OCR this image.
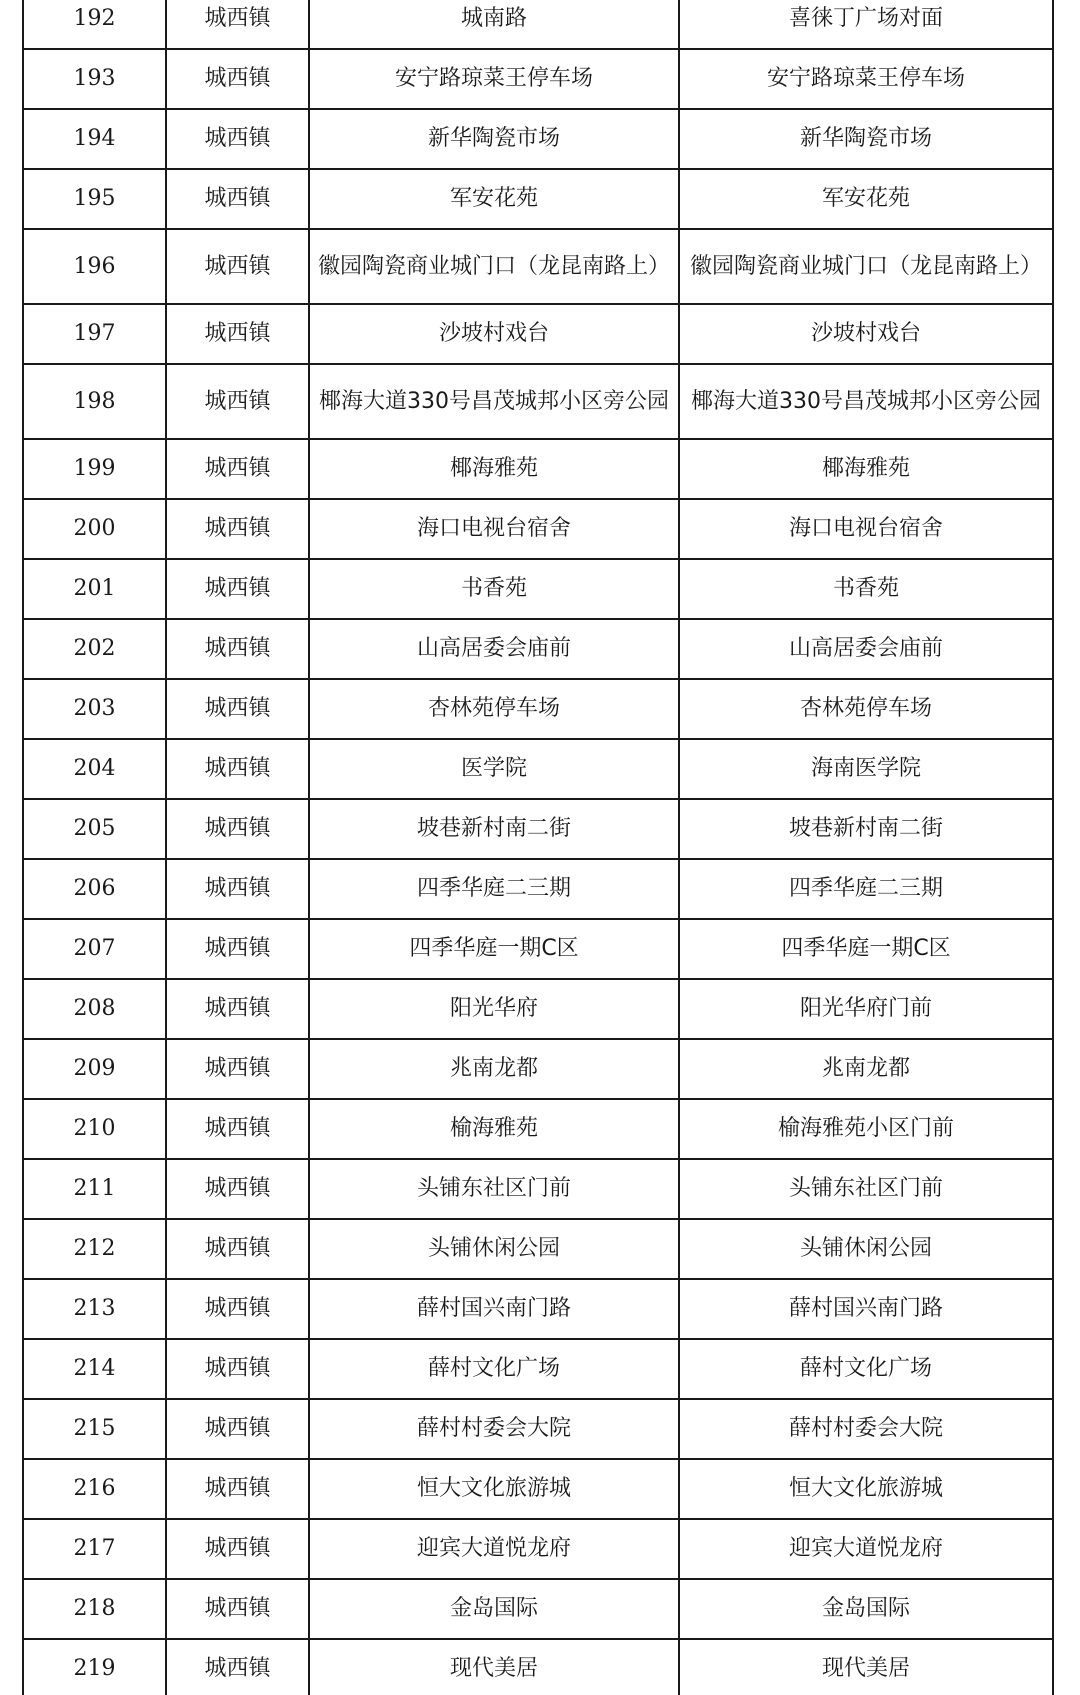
192	城西镇	城南路	喜徕丁广场对面
193	城西镇	安宁路琼菜王停车场	安宁路琼菜王停车场
194	城西镇	新华陶瓷市场	新华陶瓷市场
195	城西镇	军安花苑	军安花苑
196	城西镇	徽园陶瓷商业城门口（龙昆南路上）	徽园陶瓷商业城门口（龙昆南路上）
197	城西镇	沙坡村戏台	沙坡村戏台
198	城西镇	椰海大道330号昌茂城邦小区旁公园	椰海大道330号昌茂城邦小区旁公园
199	城西镇	椰海雅苑	椰海雅苑
200	城西镇	海口电视台宿舍	海口电视台宿舍
201	城西镇	书香苑	书香苑
202	城西镇	山高居委会庙前	山高居委会庙前
203	城西镇	杏林苑停车场	杏林苑停车场
204	城西镇	医学院	海南医学院
205	城西镇	坡巷新村南二街	坡巷新村南二街
206	城西镇	四季华庭二三期	四季华庭二三期
207	城西镇	四季华庭一期C区	四季华庭一期C区
208	城西镇	阳光华府	阳光华府门前
209	城西镇	兆南龙都	兆南龙都
210	城西镇	榆海雅苑	榆海雅苑小区门前
211	城西镇	头铺东社区门前	头铺东社区门前
212	城西镇	头铺休闲公园	头铺休闲公园
213	城西镇	薛村国兴南门路	薛村国兴南门路
214	城西镇	薛村文化广场	薛村文化广场
215	城西镇	薛村村委会大院	薛村村委会大院
216	城西镇	恒大文化旅游城	恒大文化旅游城
217	城西镇	迎宾大道悦龙府	迎宾大道悦龙府
218	城西镇	金岛国际	金岛国际
219	城西镇	现代美居	现代美居
